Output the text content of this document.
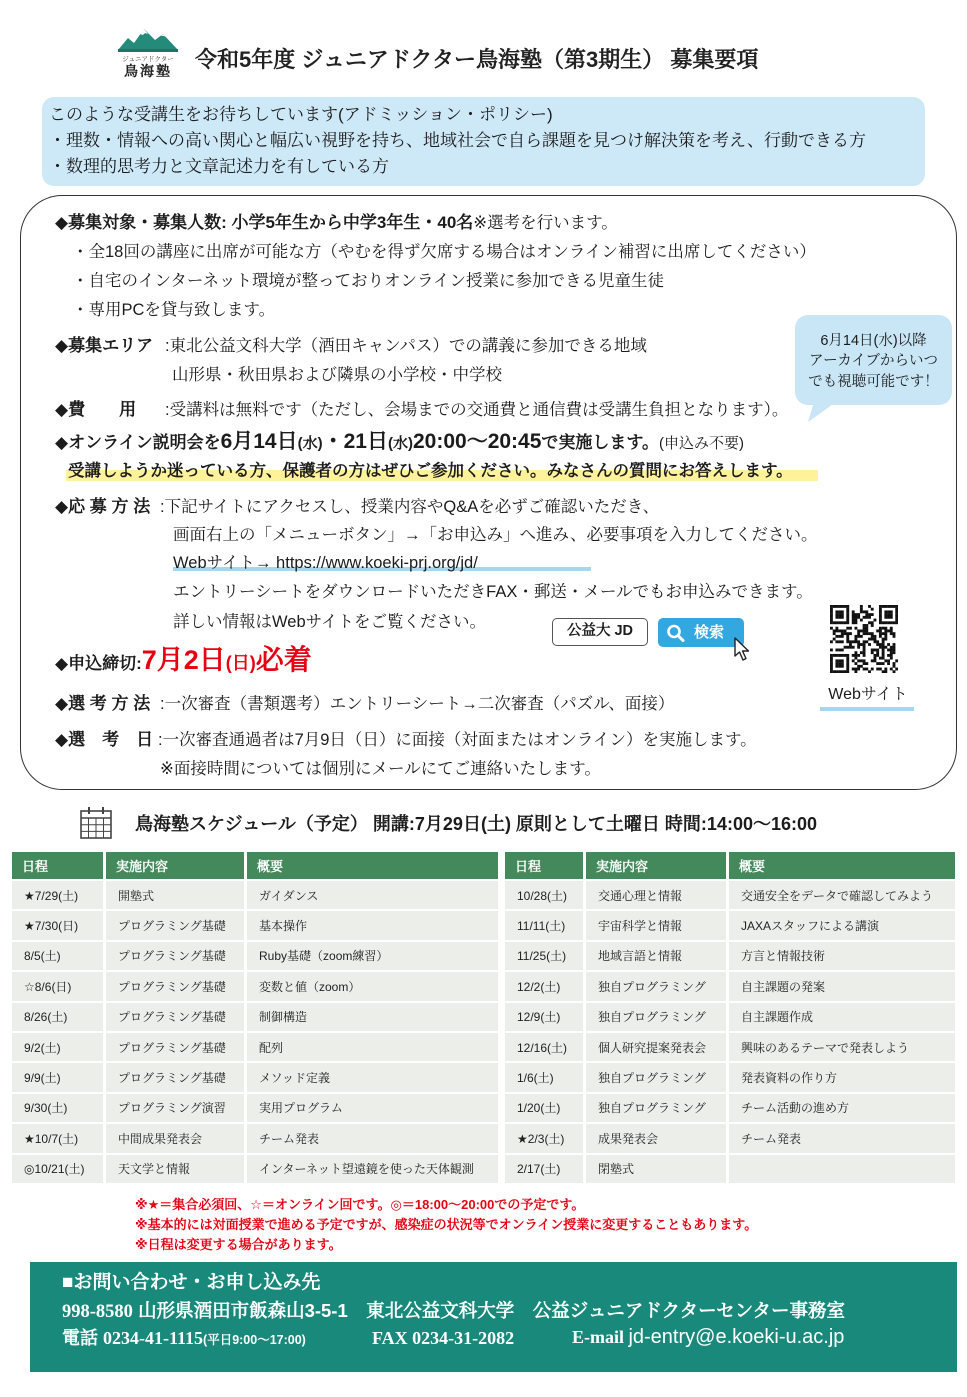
ジュニアドクター
鳥海塾 令和5年度 ジュニアドクター鳥海塾（第3期生） 募集要項
このような受講生をお待ちしています(アドミッション・ポリシー)
・理数・情報への高い関心と幅広い視野を持ち、地域社会で自ら課題を見つけ解決策を考え、行動できる方
・数理的思考力と文章記述力を有している方
◆募集対象・募集人数: 小学5年生から中学3年生・40名※選考を行います。
・全18回の講座に出席が可能な方（やむを得ず欠席する場合はオンライン補習に出席してください）
・自宅のインターネット環境が整っておりオンライン授業に参加できる児童生徒
・専用PCを貸与致します。
◆募集エリア :東北公益文科大学（酒田キャンパス）での講義に参加できる地域
山形県・秋田県および隣県の小学校・中学校
◆費　　用 :受講料は無料です（ただし、会場までの交通費と通信費は受講生負担となります）。
◆オンライン説明会を6月14日(水)・21日(水)20:00～20:45で実施します。(申込み不要)
受講しようか迷っている方、保護者の方はぜひご参加ください。みなさんの質問にお答えします。
◆応 募 方 法 :下記サイトにアクセスし、授業内容やQ&Aを必ずご確認いただき、
画面右上の「メニューボタン」→「お申込み」へ進み、必要事項を入力してください。
Webサイト→ https://www.koeki-prj.org/jd/
エントリーシートをダウンロードいただきFAX・郵送・メールでもお申込みできます。
詳しい情報はWebサイトをご覧ください。	公益大 JD	検索
Webサイト
◆申込締切:7月2日(日)必着
◆選 考 方 法 :一次審査（書類選考）エントリーシート→二次審査（パズル、面接）
◆選　考　日 :一次審査通過者は7月9日（日）に面接（対面またはオンライン）を実施します。
※面接時間については個別にメールにてご連絡いたします。
6月14日(水)以降
アーカイブからいつ
でも視聴可能です！
鳥海塾スケジュール（予定） 開講:7月29日(土) 原則として土曜日 時間:14:00～16:00
日程	実施内容	概要
★7/29(土)	開塾式	ガイダンス
★7/30(日)	プログラミング基礎	基本操作
8/5(土)	プログラミング基礎	Ruby基礎（zoom練習）
☆8/6(日)	プログラミング基礎	変数と値（zoom）
8/26(土)	プログラミング基礎	制御構造
9/2(土)	プログラミング基礎	配列
9/9(土)	プログラミング基礎	メソッド定義
9/30(土)	プログラミング演習	実用プログラム
★10/7(土)	中間成果発表会	チーム発表
◎10/21(土)	天文学と情報	インターネット望遠鏡を使った天体観測
日程	実施内容	概要
10/28(土)	交通心理と情報	交通安全をデータで確認してみよう
11/11(土)	宇宙科学と情報	JAXAスタッフによる講演
11/25(土)	地域言語と情報	方言と情報技術
12/2(土)	独自プログラミング	自主課題の発案
12/9(土)	独自プログラミング	自主課題作成
12/16(土)	個人研究提案発表会	興味のあるテーマで発表しよう
1/6(土)	独自プログラミング	発表資料の作り方
1/20(土)	独自プログラミング	チーム活動の進め方
★2/3(土)	成果発表会	チーム発表
2/17(土)	閉塾式
※★＝集合必須回、☆＝オンライン回です。◎＝18:00～20:00での予定です。
※基本的には対面授業で進める予定ですが、感染症の状況等でオンライン授業に変更することもあります。
※日程は変更する場合があります。
■お問い合わせ・お申し込み先
998-8580 山形県酒田市飯森山3-5-1　東北公益文科大学　公益ジュニアドクターセンター事務室
電話 0234-41-1115(平日9:00～17:00)	FAX 0234-31-2082	E-mail jd-entry@e.koeki-u.ac.jp
